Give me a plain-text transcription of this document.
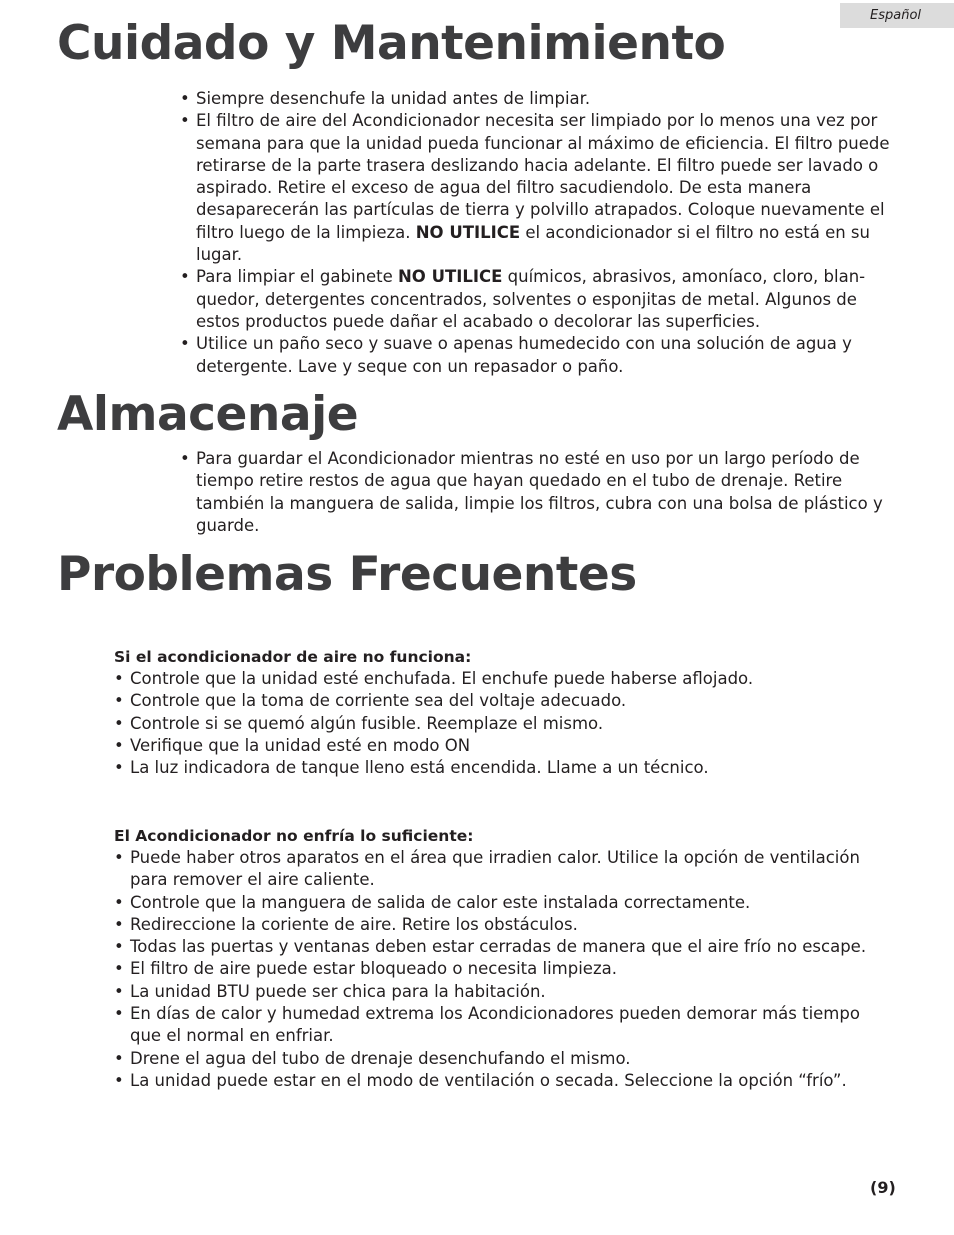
Español
Cuidado y Mantenimiento
• Siempre desenchufe la unidad antes de limpiar.
• El filtro de aire del Acondicionador necesita ser limpiado por lo menos una vez por semana para que la unidad pueda funcionar al máximo de eficiencia. El filtro puede retirarse de la parte trasera deslizando hacia adelante. El filtro puede ser lavado o aspirado. Retire el exceso de agua del filtro sacudiendolo. De esta manera desaparecerán las partículas de tierra y polvillo atrapados. Coloque nuevamente el filtro luego de la limpieza. NO UTILICE el acondicionador si el filtro no está en su lugar.
• Para limpiar el gabinete NO UTILICE químicos, abrasivos, amoníaco, cloro, blan-quedor, detergentes concentrados, solventes o esponjitas de metal. Algunos de estos productos puede dañar el acabado o decolorar las superficies.
• Utilice un paño seco y suave o apenas humedecido con una solución de agua y detergente. Lave y seque con un repasador o paño.
Almacenaje
• Para guardar el Acondicionador mientras no esté en uso por un largo período de tiempo retire restos de agua que hayan quedado en el tubo de drenaje. Retire también la manguera de salida, limpie los filtros, cubra con una bolsa de plástico y guarde.
Problemas Frecuentes

Si el acondicionador de aire no funciona:

• Controle que la unidad esté enchufada. El enchufe puede haberse aflojado.
• Controle que la toma de corriente sea del voltaje adecuado.
• Controle si se quemó algún fusible. Reemplaze el mismo.
• Verifique que la unidad esté en modo ON
• La luz indicadora de tanque lleno está encendida. Llame a un técnico.

El Acondicionador no enfría lo suficiente:

• Puede haber otros aparatos en el área que irradien calor. Utilice la opción de ventilación para remover el aire caliente.
• Controle que la manguera de salida de calor este instalada correctamente.
• Redireccione la coriente de aire. Retire los obstáculos.
• Todas las puertas y ventanas deben estar cerradas de manera que el aire frío no escape.
• El filtro de aire puede estar bloqueado o necesita limpieza.
• La unidad BTU puede ser chica para la habitación.
• En días de calor y humedad extrema los Acondicionadores pueden demorar más tiempo que el normal en enfriar.
• Drene el agua del tubo de drenaje desenchufando el mismo.
• La unidad puede estar en el modo de ventilación o secada. Seleccione la opción “frío”.
(9)
